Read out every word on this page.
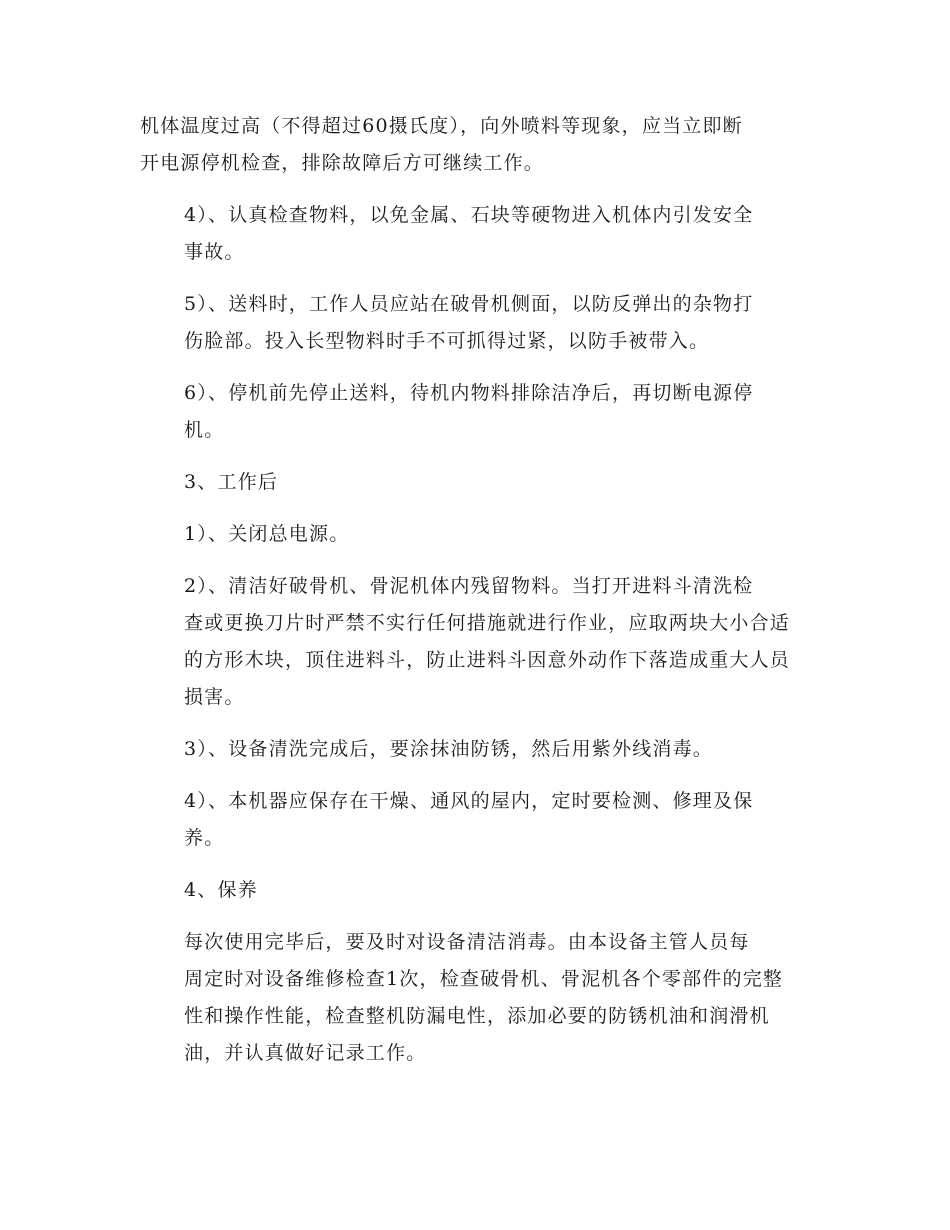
机体温度过高（不得超过60摄氏度），向外喷料等现象，应当立即断
开电源停机检查，排除故障后方可继续工作。

4）、认真检查物料，以免金属、石块等硬物进入机体内引发安全
事故。

5）、送料时，工作人员应站在破骨机侧面，以防反弹出的杂物打
伤脸部。投入长型物料时手不可抓得过紧，以防手被带入。

6）、停机前先停止送料，待机内物料排除洁净后，再切断电源停
机。

3、工作后

1）、关闭总电源。

2）、清洁好破骨机、骨泥机体内残留物料。当打开进料斗清洗检
查或更换刀片时严禁不实行任何措施就进行作业，应取两块大小合适
的方形木块，顶住进料斗，防止进料斗因意外动作下落造成重大人员
损害。

3）、设备清洗完成后，要涂抹油防锈，然后用紫外线消毒。

4）、本机器应保存在干燥、通风的屋内，定时要检测、修理及保
养。

4、保养

每次使用完毕后，要及时对设备清洁消毒。由本设备主管人员每
周定时对设备维修检查1次，检查破骨机、骨泥机各个零部件的完整
性和操作性能，检查整机防漏电性，添加必要的防锈机油和润滑机
油，并认真做好记录工作。
